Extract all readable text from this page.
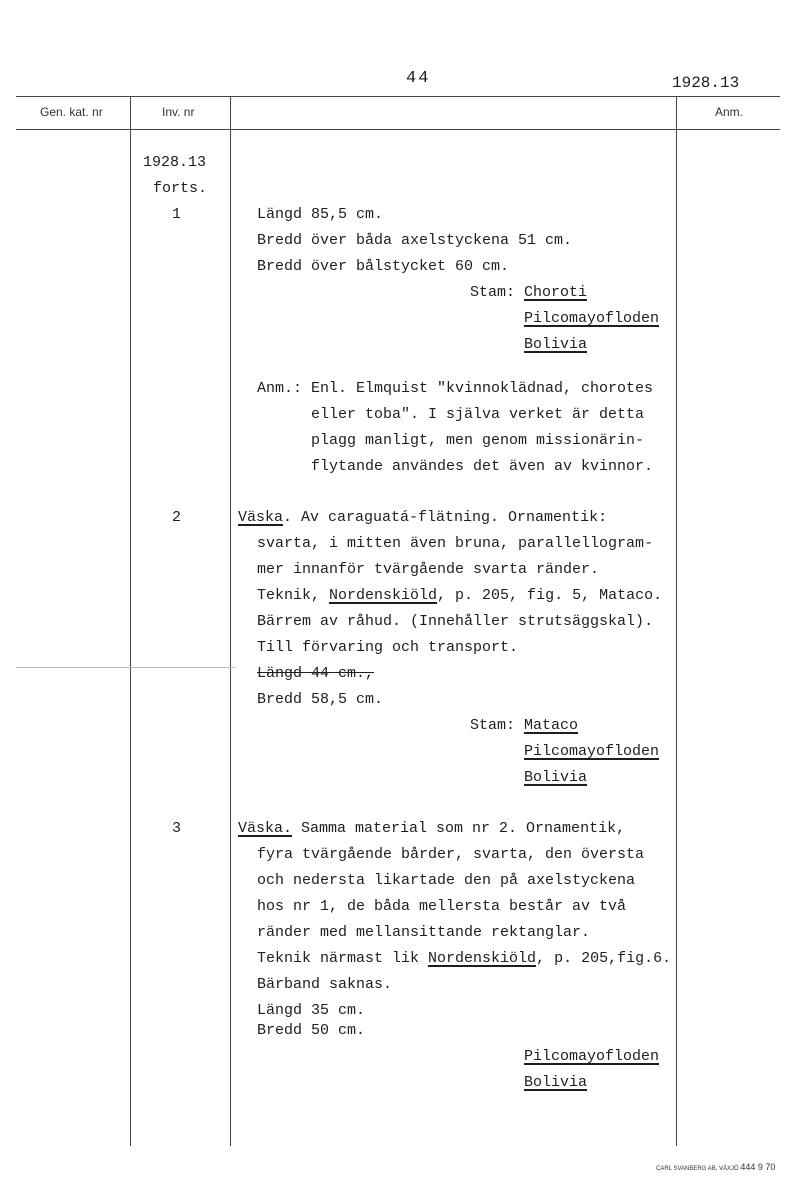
44	1928.13
Gen. kat. nr	Inv. nr	Anm.
1928.13
forts.
1	Längd 85,5 cm.
Bredd över båda axelstyckena 51 cm.
Bredd över bålstycket 60 cm.
Stam: Choroti
Pilcomayofloden
Bolivia
Anm.: Enl. Elmquist "kvinnoklädnad, chorotes
eller toba". I själva verket är detta
plagg manligt, men genom missionärin-
flytande användes det även av kvinnor.
2	Väska. Av caraguatá-flätning. Ornamentik:
svarta, i mitten även bruna, parallellogram-
mer innanför tvärgående svarta ränder.
Teknik, Nordenskiöld, p. 205, fig. 5, Mataco.
Bärrem av råhud. (Innehåller strutsäggskal).
Till förvaring och transport.
Längd 44 cm.,
Bredd 58,5 cm.
Stam: Mataco
Pilcomayofloden
Bolivia
3	Väska. Samma material som nr 2. Ornamentik,
fyra tvärgående bårder, svarta, den översta
och nedersta likartade den på axelstyckena
hos nr 1, de båda mellersta består av två
ränder med mellansittande rektanglar.
Teknik närmast lik Nordenskiöld, p. 205,fig.6.
Bärband saknas.
Längd 35 cm.
Bredd 50 cm.
Pilcomayofloden
Bolivia
CARL SVANBERG AB, VÄXJÖ 444 9 70
